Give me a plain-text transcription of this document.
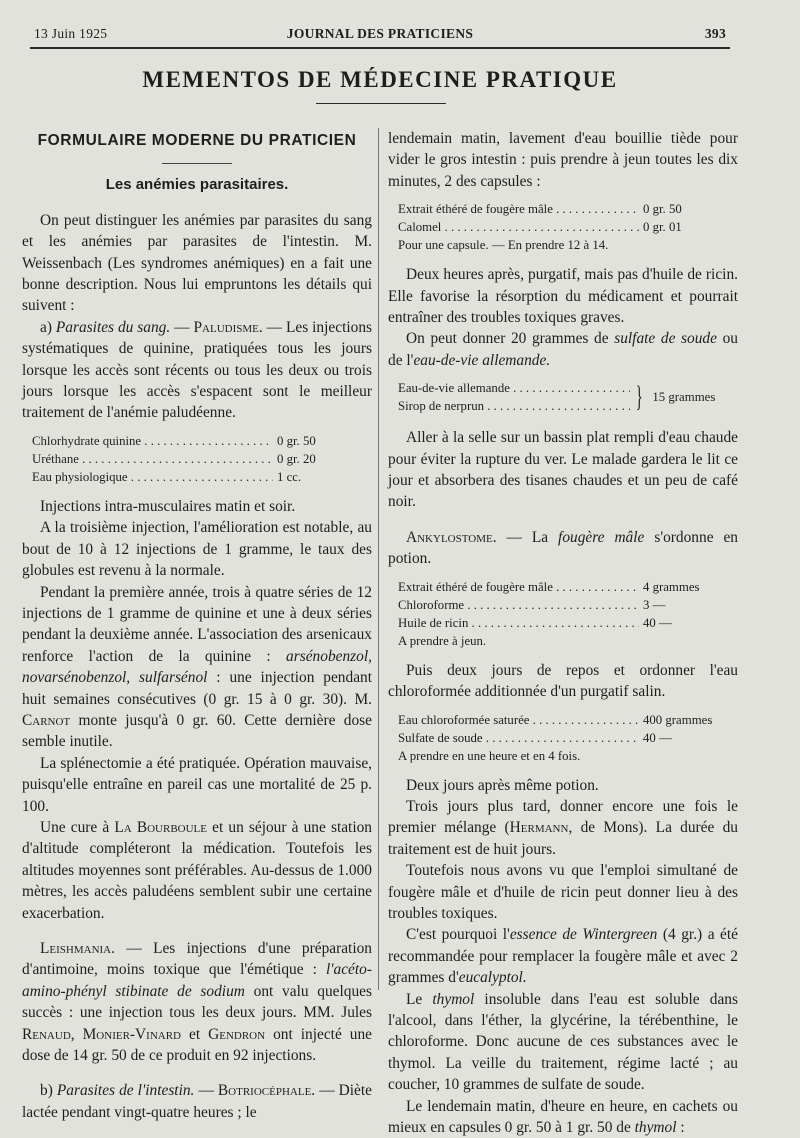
13 Juin 1925	JOURNAL DES PRATICIENS	393
MEMENTOS DE MÉDECINE PRATIQUE
FORMULAIRE MODERNE DU PRATICIEN
Les anémies parasitaires.

On peut distinguer les anémies par parasites du sang et les anémies par parasites de l'intestin. M. Weissenbach (Les syndromes anémiques) en a fait une bonne description. Nous lui empruntons les détails qui suivent :

a) Parasites du sang. — Paludisme. — Les injections systématiques de quinine, pratiquées tous les jours lorsque les accès sont récents ou tous les deux ou trois jours lorsque les accès s'espacent sont le meilleur traitement de l'anémie paludéenne.

Chlorhydrate quinine . . .	0 gr. 50
Uréthane . . .	0 gr. 20
Eau physiologique . . .	1 cc.

Injections intra-musculaires matin et soir.

A la troisième injection, l'amélioration est notable, au bout de 10 à 12 injections de 1 gramme, le taux des globules est revenu à la normale.

Pendant la première année, trois à quatre séries de 12 injections de 1 gramme de quinine et une à deux séries pendant la deuxième année. L'association des arsenicaux renforce l'action de la quinine : arsénobenzol, novarsénobenzol, sulfarsénol : une injection pendant huit semaines consécutives (0 gr. 15 à 0 gr. 30). M. Carnot monte jusqu'à 0 gr. 60. Cette dernière dose semble inutile.

La splénectomie a été pratiquée. Opération mauvaise, puisqu'elle entraîne en pareil cas une mortalité de 25 p. 100.

Une cure à La Bourboule et un séjour à une station d'altitude compléteront la médication. Toutefois les altitudes moyennes sont préférables. Au-dessus de 1.000 mètres, les accès paludéens semblent subir une certaine exacerbation.

Leishmania. — Les injections d'une préparation d'antimoine, moins toxique que l'émétique : l'acéto-amino-phényl stibinate de sodium ont valu quelques succès : une injection tous les deux jours. MM. Jules Renaud, Monier-Vinard et Gendron ont injecté une dose de 14 gr. 50 de ce produit en 92 injections.

b) Parasites de l'intestin. — Botriocéphale. — Diète lactée pendant vingt-quatre heures ; le

lendemain matin, lavement d'eau bouillie tiède pour vider le gros intestin : puis prendre à jeun toutes les dix minutes, 2 des capsules :

Extrait éthéré de fougère mâle . . .	0 gr. 50
Calomel . . .	0 gr. 01
Pour une capsule. — En prendre 12 à 14.

Deux heures après, purgatif, mais pas d'huile de ricin. Elle favorise la résorption du médicament et pourrait entraîner des troubles toxiques graves.

On peut donner 20 grammes de sulfate de soude ou de l'eau-de-vie allemande.

Eau-de-vie allemande . . .
Sirop de nerprun . . .	} 15 grammes

Aller à la selle sur un bassin plat rempli d'eau chaude pour éviter la rupture du ver. Le malade gardera le lit ce jour et absorbera des tisanes chaudes et un peu de café noir.

Ankylostome. — La fougère mâle s'ordonne en potion.

Extrait éthéré de fougère mâle . . .	4 grammes
Chloroforme . . .	3 —
Huile de ricin . . .	40 —
A prendre à jeun.

Puis deux jours de repos et ordonner l'eau chloroformée additionnée d'un purgatif salin.

Eau chloroformée saturée . . .	400 grammes
Sulfate de soude . . .	40 —
A prendre en une heure et en 4 fois.

Deux jours après même potion.

Trois jours plus tard, donner encore une fois le premier mélange (Hermann, de Mons). La durée du traitement est de huit jours.

Toutefois nous avons vu que l'emploi simultané de fougère mâle et d'huile de ricin peut donner lieu à des troubles toxiques.

C'est pourquoi l'essence de Wintergreen (4 gr.) a été recommandée pour remplacer la fougère mâle et avec 2 grammes d'eucalyptol.

Le thymol insoluble dans l'eau est soluble dans l'alcool, dans l'éther, la glycérine, la térébenthine, le chloroforme. Donc aucune de ces substances avec le thymol. La veille du traitement, régime lacté ; au coucher, 10 grammes de sulfate de soude.

Le lendemain matin, d'heure en heure, en cachets ou mieux en capsules 0 gr. 50 à 1 gr. 50 de thymol :
